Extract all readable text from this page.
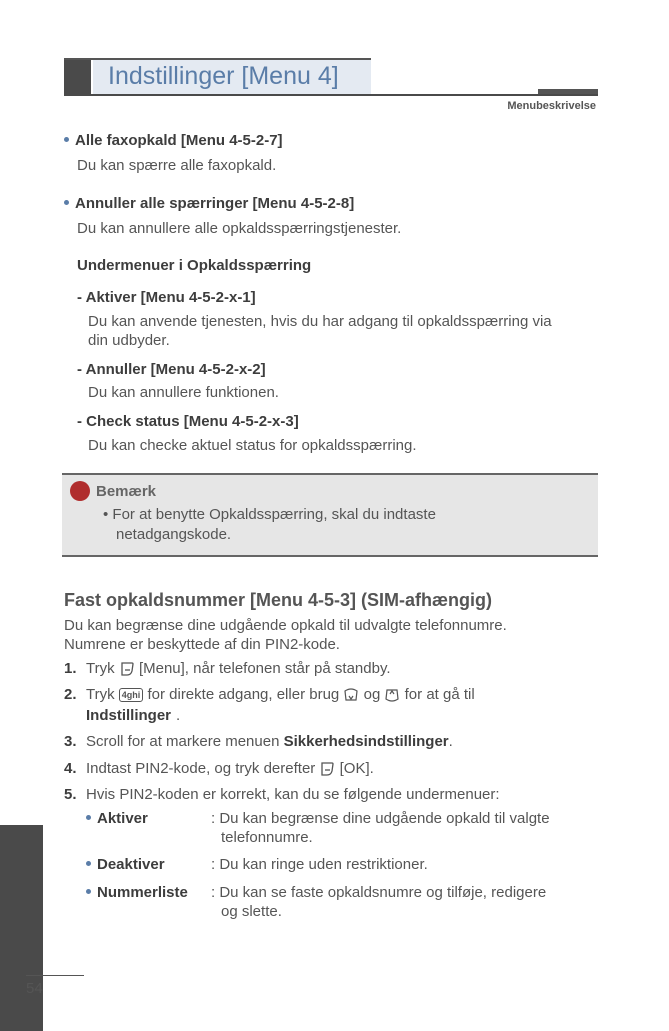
Indstillinger [Menu 4]
Menubeskrivelse
Alle faxopkald [Menu 4-5-2-7]
Du kan spærre alle faxopkald.
Annuller alle spærringer [Menu 4-5-2-8]
Du kan annullere alle opkaldsspærringstjenester.
Undermenuer i Opkaldsspærring
- Aktiver [Menu 4-5-2-x-1]
Du kan anvende tjenesten, hvis du har adgang til opkaldsspærring via
din udbyder.
- Annuller [Menu 4-5-2-x-2]
Du kan annullere funktionen.
- Check status [Menu 4-5-2-x-3]
Du kan checke aktuel status for opkaldsspærring.
Bemærk
• For at benytte Opkaldsspærring, skal du indtaste
netadgangskode.
Fast opkaldsnummer [Menu 4-5-3] (SIM-afhængig)
Du kan begrænse dine udgående opkald til udvalgte telefonnumre.
Numrene er beskyttede af din PIN2-kode.
1. Tryk [Menu], når telefonen står på standby.
2. Tryk 4ghi for direkte adgang, eller brug og for at gå til
Indstillinger .
3. Scroll for at markere menuen Sikkerhedsindstillinger.
4. Indtast PIN2-kode, og tryk derefter [OK].
5. Hvis PIN2-koden er korrekt, kan du se følgende undermenuer:
Aktiver	: Du kan begrænse dine udgående opkald til valgte
telefonnumre.
Deaktiver	: Du kan ringe uden restriktioner.
Nummerliste : Du kan se faste opkaldsnumre og tilføje, redigere
og slette.
54
